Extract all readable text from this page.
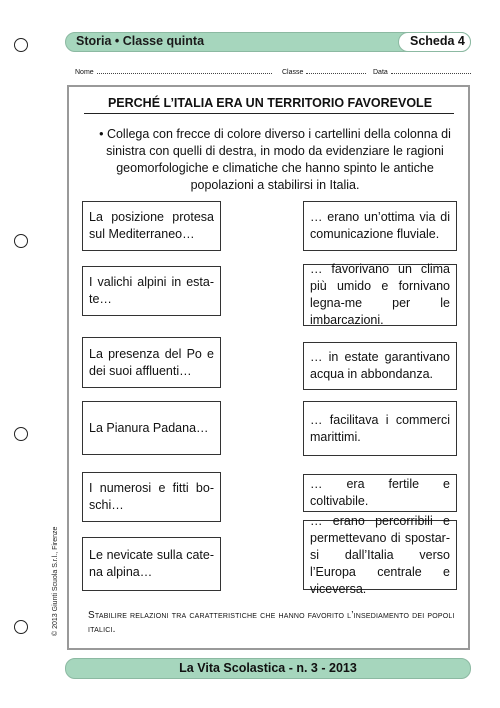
Storia • Classe quinta	Scheda 4
Nome	Classe	Data
PERCHÉ L’ITALIA ERA UN TERRITORIO FAVOREVOLE
• Collega con frecce di colore diverso i cartellini della colonna di sinistra con quelli di destra, in modo da evidenziare le ragioni geomorfologiche e climatiche che hanno spinto le antiche popolazioni a stabilirsi in Italia.
La posizione protesa sul Mediterraneo…
I valichi alpini in esta-te…
La presenza del Po e dei suoi affluenti…
La Pianura Padana…
I numerosi e fitti bo-schi…
Le nevicate sulla cate-na alpina…
… erano un’ottima via di comunicazione fluviale.
… favorivano un clima più umido e fornivano legna-me per le imbarcazioni.
… in estate garantivano acqua in abbondanza.
… facilitava i commerci marittimi.
… era fertile e coltivabile.
… erano percorribili e permettevano di spostar-si dall’Italia verso l’Europa centrale e viceversa.
Stabilire relazioni tra caratteristiche che hanno favorito l’insediamento dei popoli italici.
© 2013 Giunti Scuola S.r.l., Firenze
La Vita Scolastica - n. 3 - 2013
